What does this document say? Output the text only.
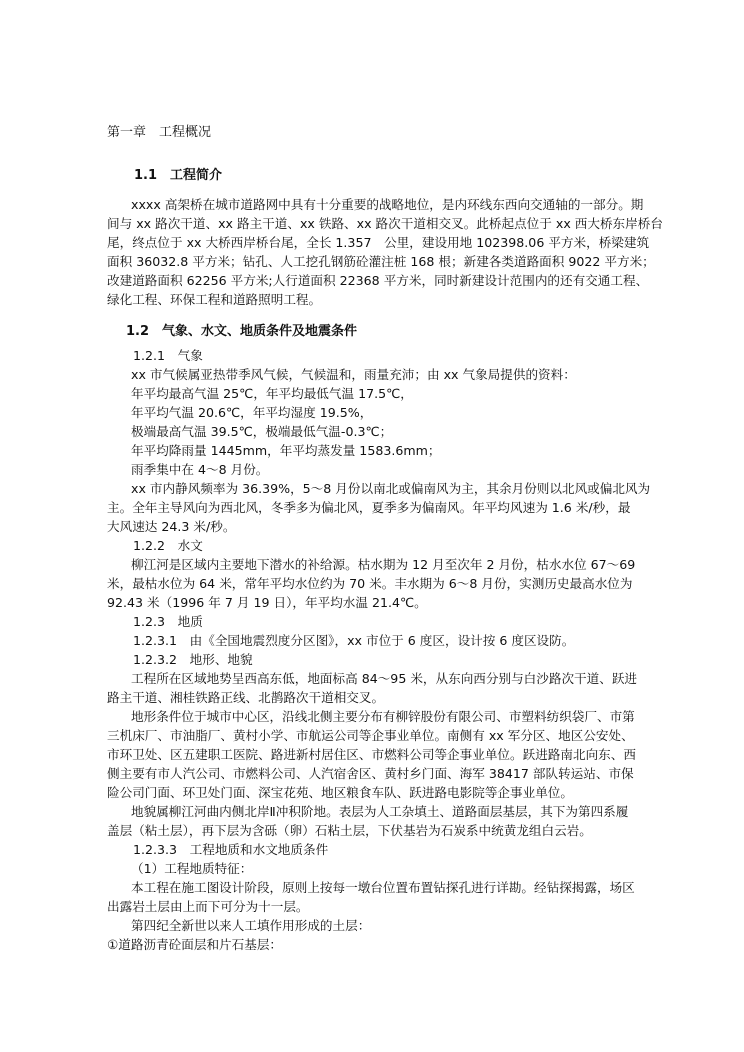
第一章　工程概况

1.1　工程简介

xxxx 高架桥在城市道路网中具有十分重要的战略地位，是内环线东西向交通轴的一部分。期

间与 xx 路次干道、xx 路主干道、xx 铁路、xx 路次干道相交叉。此桥起点位于 xx 西大桥东岸桥台

尾，终点位于 xx 大桥西岸桥台尾，全长 1.357　公里，建设用地 102398.06 平方米，桥梁建筑

面积 36032.8 平方米；钻孔、人工挖孔钢筋砼灌注桩 168 根；新建各类道路面积 9022 平方米；

改建道路面积 62256 平方米;人行道面积 22368 平方米，同时新建设计范围内的还有交通工程、

绿化工程、环保工程和道路照明工程。

1.2　气象、水文、地质条件及地震条件

1.2.1　气象

xx 市气候属亚热带季风气候，气候温和，雨量充沛；由 xx 气象局提供的资料：

年平均最高气温 25℃，年平均最低气温 17.5℃，

年平均气温 20.6℃，年平均湿度 19.5%，

极端最高气温 39.5℃，极端最低气温-0.3℃；

年平均降雨量 1445mm，年平均蒸发量 1583.6mm；

雨季集中在 4～8 月份。

xx 市内静风频率为 36.39%，5～8 月份以南北或偏南风为主，其余月份则以北风或偏北风为

主。全年主导风向为西北风，冬季多为偏北风，夏季多为偏南风。年平均风速为 1.6 米/秒，最

大风速达 24.3 米/秒。

1.2.2　水文

柳江河是区域内主要地下潜水的补给源。枯水期为 12 月至次年 2 月份，枯水水位 67～69

米，最枯水位为 64 米，常年平均水位约为 70 米。丰水期为 6～8 月份，实测历史最高水位为

92.43 米（1996 年 7 月 19 日），年平均水温 21.4℃。

1.2.3　地质

1.2.3.1　由《全国地震烈度分区图》，xx 市位于 6 度区，设计按 6 度区设防。

1.2.3.2　地形、地貌

工程所在区域地势呈西高东低，地面标高 84～95 米，从东向西分别与白沙路次干道、跃进

路主干道、湘桂铁路正线、北鹊路次干道相交叉。

地形条件位于城市中心区，沿线北侧主要分布有柳锌股份有限公司、市塑料纺织袋厂、市第

三机床厂、市油脂厂、黄村小学、市航运公司等企事业单位。南侧有 xx 军分区、地区公安处、

市环卫处、区五建职工医院、路进新村居住区、市燃料公司等企事业单位。跃进路南北向东、西

侧主要有市人汽公司、市燃料公司、人汽宿舍区、黄村乡门面、海军 38417 部队转运站、市保

险公司门面、环卫处门面、深宝花苑、地区粮食车队、跃进路电影院等企事业单位。

地貌属柳江河曲内侧北岸Ⅱ冲积阶地。表层为人工杂填土、道路面层基层，其下为第四系履

盖层（粘土层），再下层为含砾（卵）石粘土层，下伏基岩为石炭系中统黄龙组白云岩。

1.2.3.3　工程地质和水文地质条件

（1）工程地质特征：

本工程在施工图设计阶段，原则上按每一墩台位置布置钻探孔进行详勘。经钻探揭露，场区

出露岩土层由上而下可分为十一层。

第四纪全新世以来人工填作用形成的土层：

①道路沥青砼面层和片石基层：
